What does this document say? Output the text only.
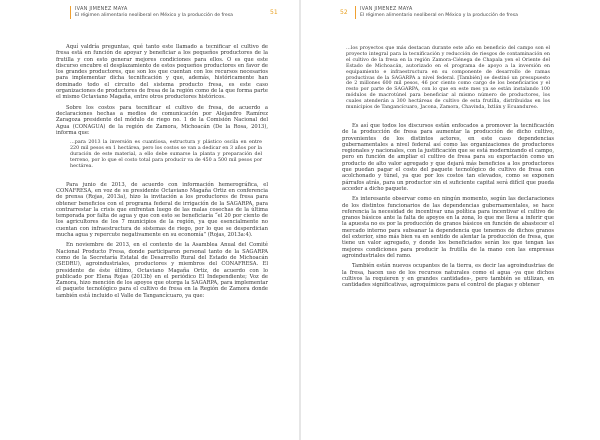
IVAN JIMENEZ MAYA
El régimen alimentario neoliberal en México y la producción de fresa	51

Aquí valdría preguntas, qué tanto este llamado a tecnificar el cultivo de fresa está en función de apoyar y beneficiar a los pequeños productores de la frutilla y con esto generar mejores condiciones para ellos. O es que este discurso encubre el desplazamiento de estos pequeños productores en favor de los grandes productores, que son los que cuentan con los recursos necesarios para implementar dicha tecnificación y que, además, históricamente han dominado todo el circuito del sistema producto fresa, es este caso organizaciones de productores de fresa de la región como de la que forma parte el mismo Octaviano Magaña, entre otros productores históricos.

Sobre los costos para tecnificar el cultivo de fresa, de acuerdo a declaraciones hechas a medios de comunicación por Alejandro Ramírez Zaragoza presidente del módulo de riego no. 1 de la Comisión Nacional del Agua (CONAGUA) de la región de Zamora, Michoacán (De la Rosa, 2013), informa que:

…para 2013 la inversión es cuantiosa, estructura y plástico oscila en entre 220 mil pesos en 1 hectárea, pero los costos se van a dedicar en 3 años por la duración de este material, a ello debe sumarse la planta y preparación del terreno, por lo que el costo total para producir va de 450 a 500 mil pesos por hectárea.

Para junio de 2013, de acuerdo con información hemerográfica, el CONAFRESA, en voz de su presidente Octaviano Magaña Ortiz en conferencia de prensa (Rojas, 2013a), hizo la invitación a los productores de fresa para obtener beneficios con el programa federal de irrigación de la SAGARPA, para contrarrestar la crisis que enfrentan luego de las malas cosechas de la última temporada por falta de agua y que con esto se beneficiaría “el 20 por ciento de los agricultores de los 7 municipios de la región, ya que esencialmente no cuentan con infraestructura de sistemas de riego, por lo que se desperdician mucha agua y repercute negativamente en su economía” (Rojas, 2013a:4).

En noviembre de 2013, en el contexto de la Asamblea Anual del Comité Nacional Producto Fresa, donde participaron personal tanto de la SAGARPA como de la Secretaría Estatal de Desarrollo Rural del Estado de Michoacán (SEDRU), agroindustriales, productores y miembros del CONAFRESA. El presidente de éste último, Octaviano Magaña Ortiz, de acuerdo con lo publicado por Elena Rojas (2013b) en el periódico El Independiente; Voz de Zamora, hizo mención de los apoyos que otorga la SAGARPA, para implementar el paquete tecnológico para el cultivo de fresa en la Región de Zamora donde también está incluido el Valle de Tangancícuaro, ya que:

52 IVAN JIMENEZ MAYA
El régimen alimentario neoliberal en México y la producción de fresa
…los proyectos que más destacan durante este año en beneficio del campo son el proyecto integral para la tecnificación y reducción de riesgos de contaminación en el cultivo de la fresa en la región Zamora-Ciénega de Chapala yen el Oriente del Estado de Michoacán, autorizado en el programa de apoyo a la inversión en equipamiento e infraestructura en su componente de desarrollo de ramas productivas de la SAGARPA a nivel federal. [También] se destinó un presupuesto de 2 millones 600 mil pesos, 46 por ciento como cargo de los beneficiarios y el resto por parte de SAGARPA, con lo que en este mes ya se están instalando 100 módulos de macrotúnel para beneficiar al mismo número de productores, los cuales atenderán a 300 hectáreas de cultivo de esta frutilla, distribuidas en los municipios de Tangancícuaro, Jacona, Zamora, Chavinda, Ixtlán y Ecuandureo.

Es así que todos los discursos están enfocados a promover la tecnificación de la producción de fresa para aumentar la producción de dicho cultivo, provenientes de los distintos actores, en este caso dependencias gubernamentales a nivel federal así como las organizaciones de productores regionales y nacionales, con la justificación que se está modernizando el campo, pero en función de ampliar el cultivo de fresa para su exportación como un producto de alto valor agregado y que dejará más beneficios a los productores que puedan pagar el costo del paquete tecnológico de cultivo de fresa con acolchonado y túnel, ya que por los costos tan elevados, como se exponen párrafos atrás, para un productor sin el suficiente capital será difícil que pueda acceder a dicho paquete.

Es interesante observar como en ningún momento, según las declaraciones de los distintos funcionarios de las dependencias gubernamentales, se hace referencia la necesidad de incentivar una política para incentivar el cultivo de granos básicos ante la falta de apoyos en la zona, lo que me lleva a inferir que la apuesta no es por la producción de granos básicos en función de abastecer el mercado interno para subsanar la dependencia que tenemos de dichos granos del exterior, sino más bien va en sentido de alentar la producción de fresa, que tiene un valor agregado, y donde los beneficiados serán los que tengan las mejores condiciones para producir la frutilla de la mano con las empresas agroindustriales del ramo.

También están nuevos ocupantes de la tierra, es decir las agroindustrias de la fresa, hacen uso de los recursos naturales como el agua -ya que dichos cultivos la requieren y en grandes cantidades-, pero también se utilizan, en cantidades significativas, agroquímicos para el control de plagas y obtener
